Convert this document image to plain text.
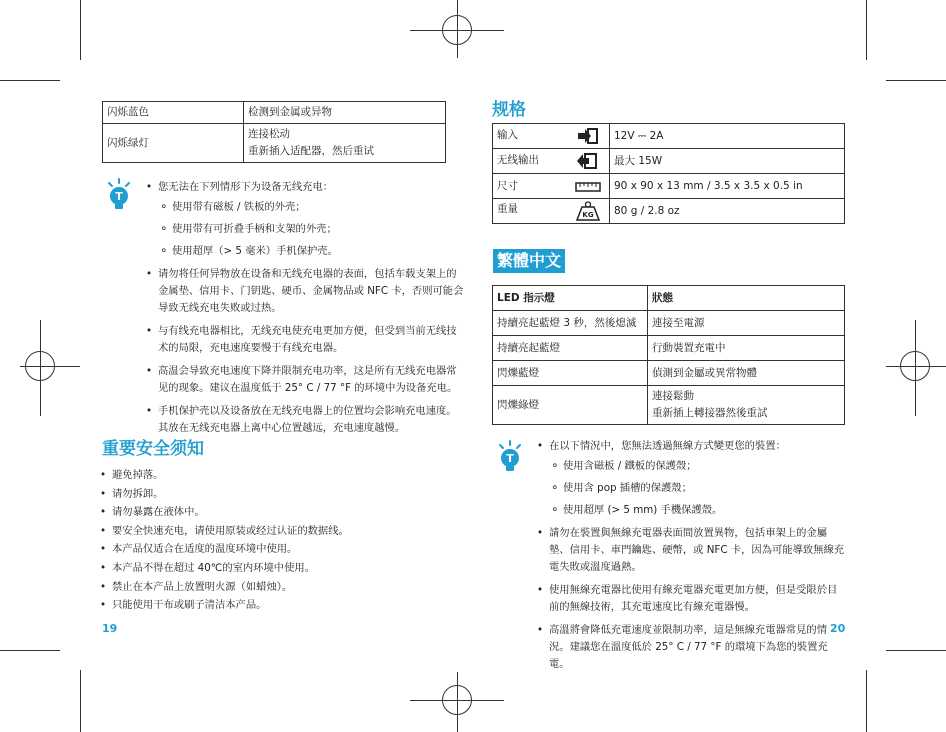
闪烁蓝色	检测到金属或异物
闪烁绿灯	连接松动
重新插入适配器，然后重试
T
• 您无法在下列情形下为设备无线充电：
∘ 使用带有磁板 / 铁板的外壳；
∘ 使用带有可折叠手柄和支架的外壳；
∘ 使用超厚（> 5 毫米）手机保护壳。
• 请勿将任何异物放在设备和无线充电器的表面，包括车载支架上的金属垫、信用卡、门钥匙、硬币、金属物品或 NFC 卡，否则可能会导致无线充电失败或过热。
• 与有线充电器相比，无线充电使充电更加方便，但受到当前无线技术的局限，充电速度要慢于有线充电器。
• 高温会导致充电速度下降并限制充电功率，这是所有无线充电器常见的现象。建议在温度低于 25° C / 77 °F 的环境中为设备充电。
• 手机保护壳以及设备放在无线充电器上的位置均会影响充电速度。其放在无线充电器上离中心位置越远，充电速度越慢。
重要安全须知
• 避免掉落。
• 请勿拆卸。
• 请勿暴露在液体中。
• 要安全快速充电，请使用原装或经过认证的数据线。
• 本产品仅适合在适度的温度环境中使用。
• 本产品不得在超过 40℃的室内环境中使用。
• 禁止在本产品上放置明火源（如蜡烛）。
• 只能使用干布或刷子清洁本产品。
19
规格
输入	12V ⎓ 2A
无线输出	最大 15W
尺寸	90 x 90 x 13 mm / 3.5 x 3.5 x 0.5 in
重量 KG	80 g / 2.8 oz
繁體中文
LED 指示燈	狀態
持續亮起藍燈 3 秒，然後熄滅	連接至電源
持續亮起藍燈	行動裝置充電中
閃爍藍燈	偵測到金屬或異常物體
閃爍綠燈	連接鬆動
重新插上轉接器然後重試
T
• 在以下情況中，您無法透過無線方式變更您的裝置：
∘ 使用含磁板 / 鐵板的保護殼；
∘ 使用含 pop 插槽的保護殼；
∘ 使用超厚 (> 5 mm) 手機保護殼。
• 請勿在裝置與無線充電器表面間放置異物，包括車架上的金屬墊、信用卡、車門鑰匙、硬幣，或 NFC 卡，因為可能導致無線充電失敗或溫度過熱。
• 使用無線充電器比使用有線充電器充電更加方便，但是受限於目前的無線技術，其充電速度比有線充電器慢。
• 高溫將會降低充電速度並限制功率，這是無線充電器常見的情況。建議您在溫度低於 25° C / 77 °F 的環境下為您的裝置充電。
20
